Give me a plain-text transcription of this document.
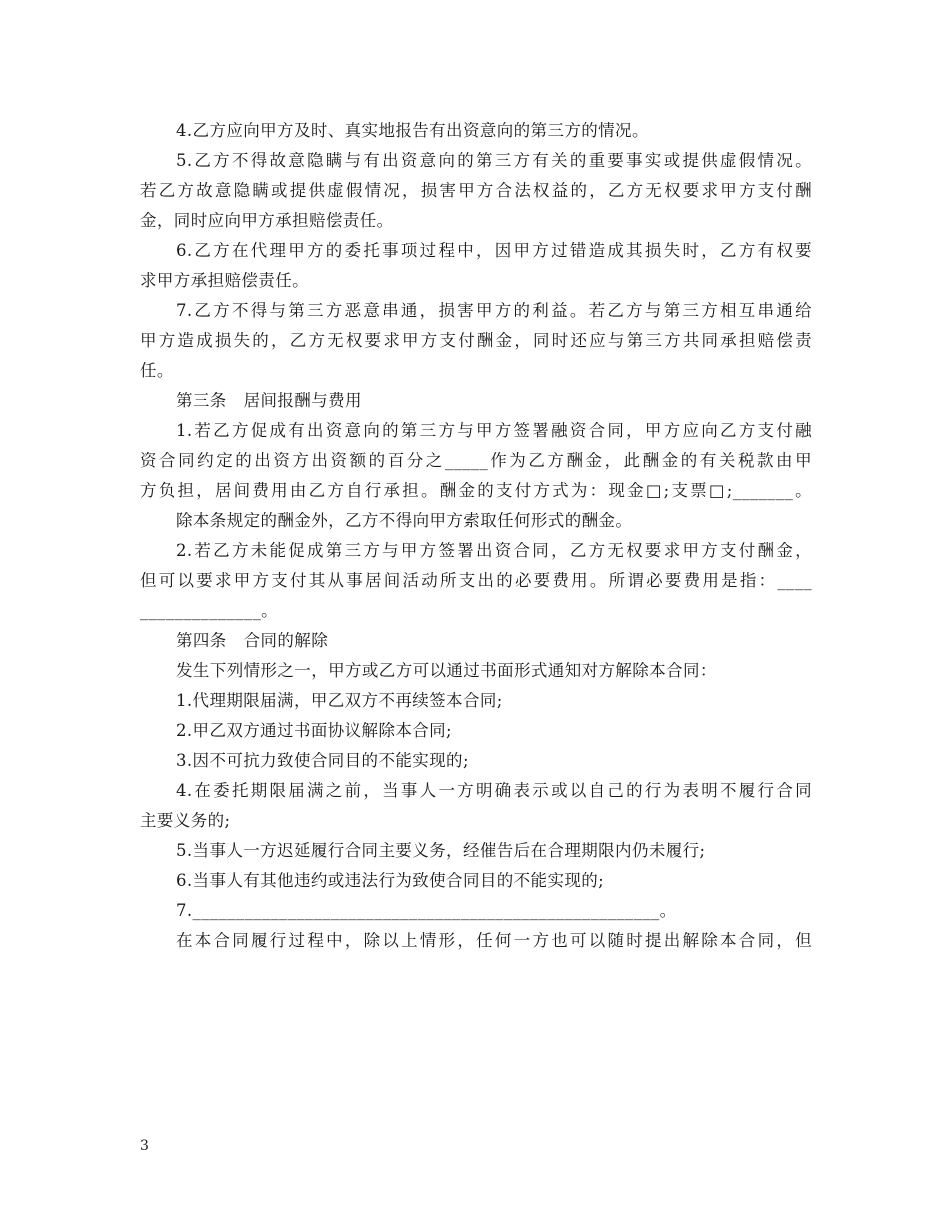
4.乙方应向甲方及时、真实地报告有出资意向的第三方的情况。
5.乙方不得故意隐瞒与有出资意向的第三方有关的重要事实或提供虚假情况。
若乙方故意隐瞒或提供虚假情况，损害甲方合法权益的，乙方无权要求甲方支付酬
金，同时应向甲方承担赔偿责任。
6.乙方在代理甲方的委托事项过程中，因甲方过错造成其损失时，乙方有权要
求甲方承担赔偿责任。
7.乙方不得与第三方恶意串通，损害甲方的利益。若乙方与第三方相互串通给
甲方造成损失的，乙方无权要求甲方支付酬金，同时还应与第三方共同承担赔偿责
任。
第三条　居间报酬与费用
1.若乙方促成有出资意向的第三方与甲方签署融资合同，甲方应向乙方支付融
资合同约定的出资方出资额的百分之_____作为乙方酬金，此酬金的有关税款由甲
方负担，居间费用由乙方自行承担。酬金的支付方式为：现金□;支票□;_______。
除本条规定的酬金外，乙方不得向甲方索取任何形式的酬金。
2.若乙方未能促成第三方与甲方签署出资合同，乙方无权要求甲方支付酬金，
但可以要求甲方支付其从事居间活动所支出的必要费用。所谓必要费用是指：____
______________。
第四条　合同的解除
发生下列情形之一，甲方或乙方可以通过书面形式通知对方解除本合同：
1.代理期限届满，甲乙双方不再续签本合同;
2.甲乙双方通过书面协议解除本合同;
3.因不可抗力致使合同目的不能实现的;
4.在委托期限届满之前，当事人一方明确表示或以自己的行为表明不履行合同
主要义务的;
5.当事人一方迟延履行合同主要义务，经催告后在合理期限内仍未履行;
6.当事人有其他违约或违法行为致使合同目的不能实现的;
7.______________________________________________________。
在本合同履行过程中，除以上情形，任何一方也可以随时提出解除本合同，但
3
